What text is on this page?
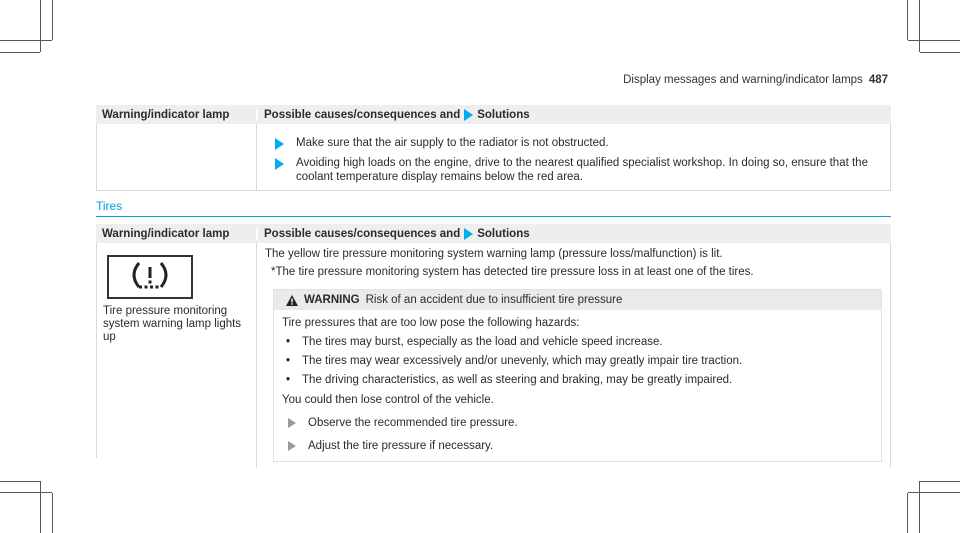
Display messages and warning/indicator lamps 487
Warning/indicator lamp	Possible causes/consequences and Solutions
Make sure that the air supply to the radiator is not obstructed.
Avoiding high loads on the engine, drive to the nearest qualified specialist workshop. In doing so, ensure that the coolant temperature display remains below the red area.
Tires
Warning/indicator lamp	Possible causes/consequences and Solutions
Tire pressure monitoring system warning lamp lights up
The yellow tire pressure monitoring system warning lamp (pressure loss/malfunction) is lit.
*The tire pressure monitoring system has detected tire pressure loss in at least one of the tires.
WARNING Risk of an accident due to insufficient tire pressure
Tire pressures that are too low pose the following hazards:
• The tires may burst, especially as the load and vehicle speed increase.
• The tires may wear excessively and/or unevenly, which may greatly impair tire traction.
• The driving characteristics, as well as steering and braking, may be greatly impaired.
You could then lose control of the vehicle.
Observe the recommended tire pressure.
Adjust the tire pressure if necessary.
